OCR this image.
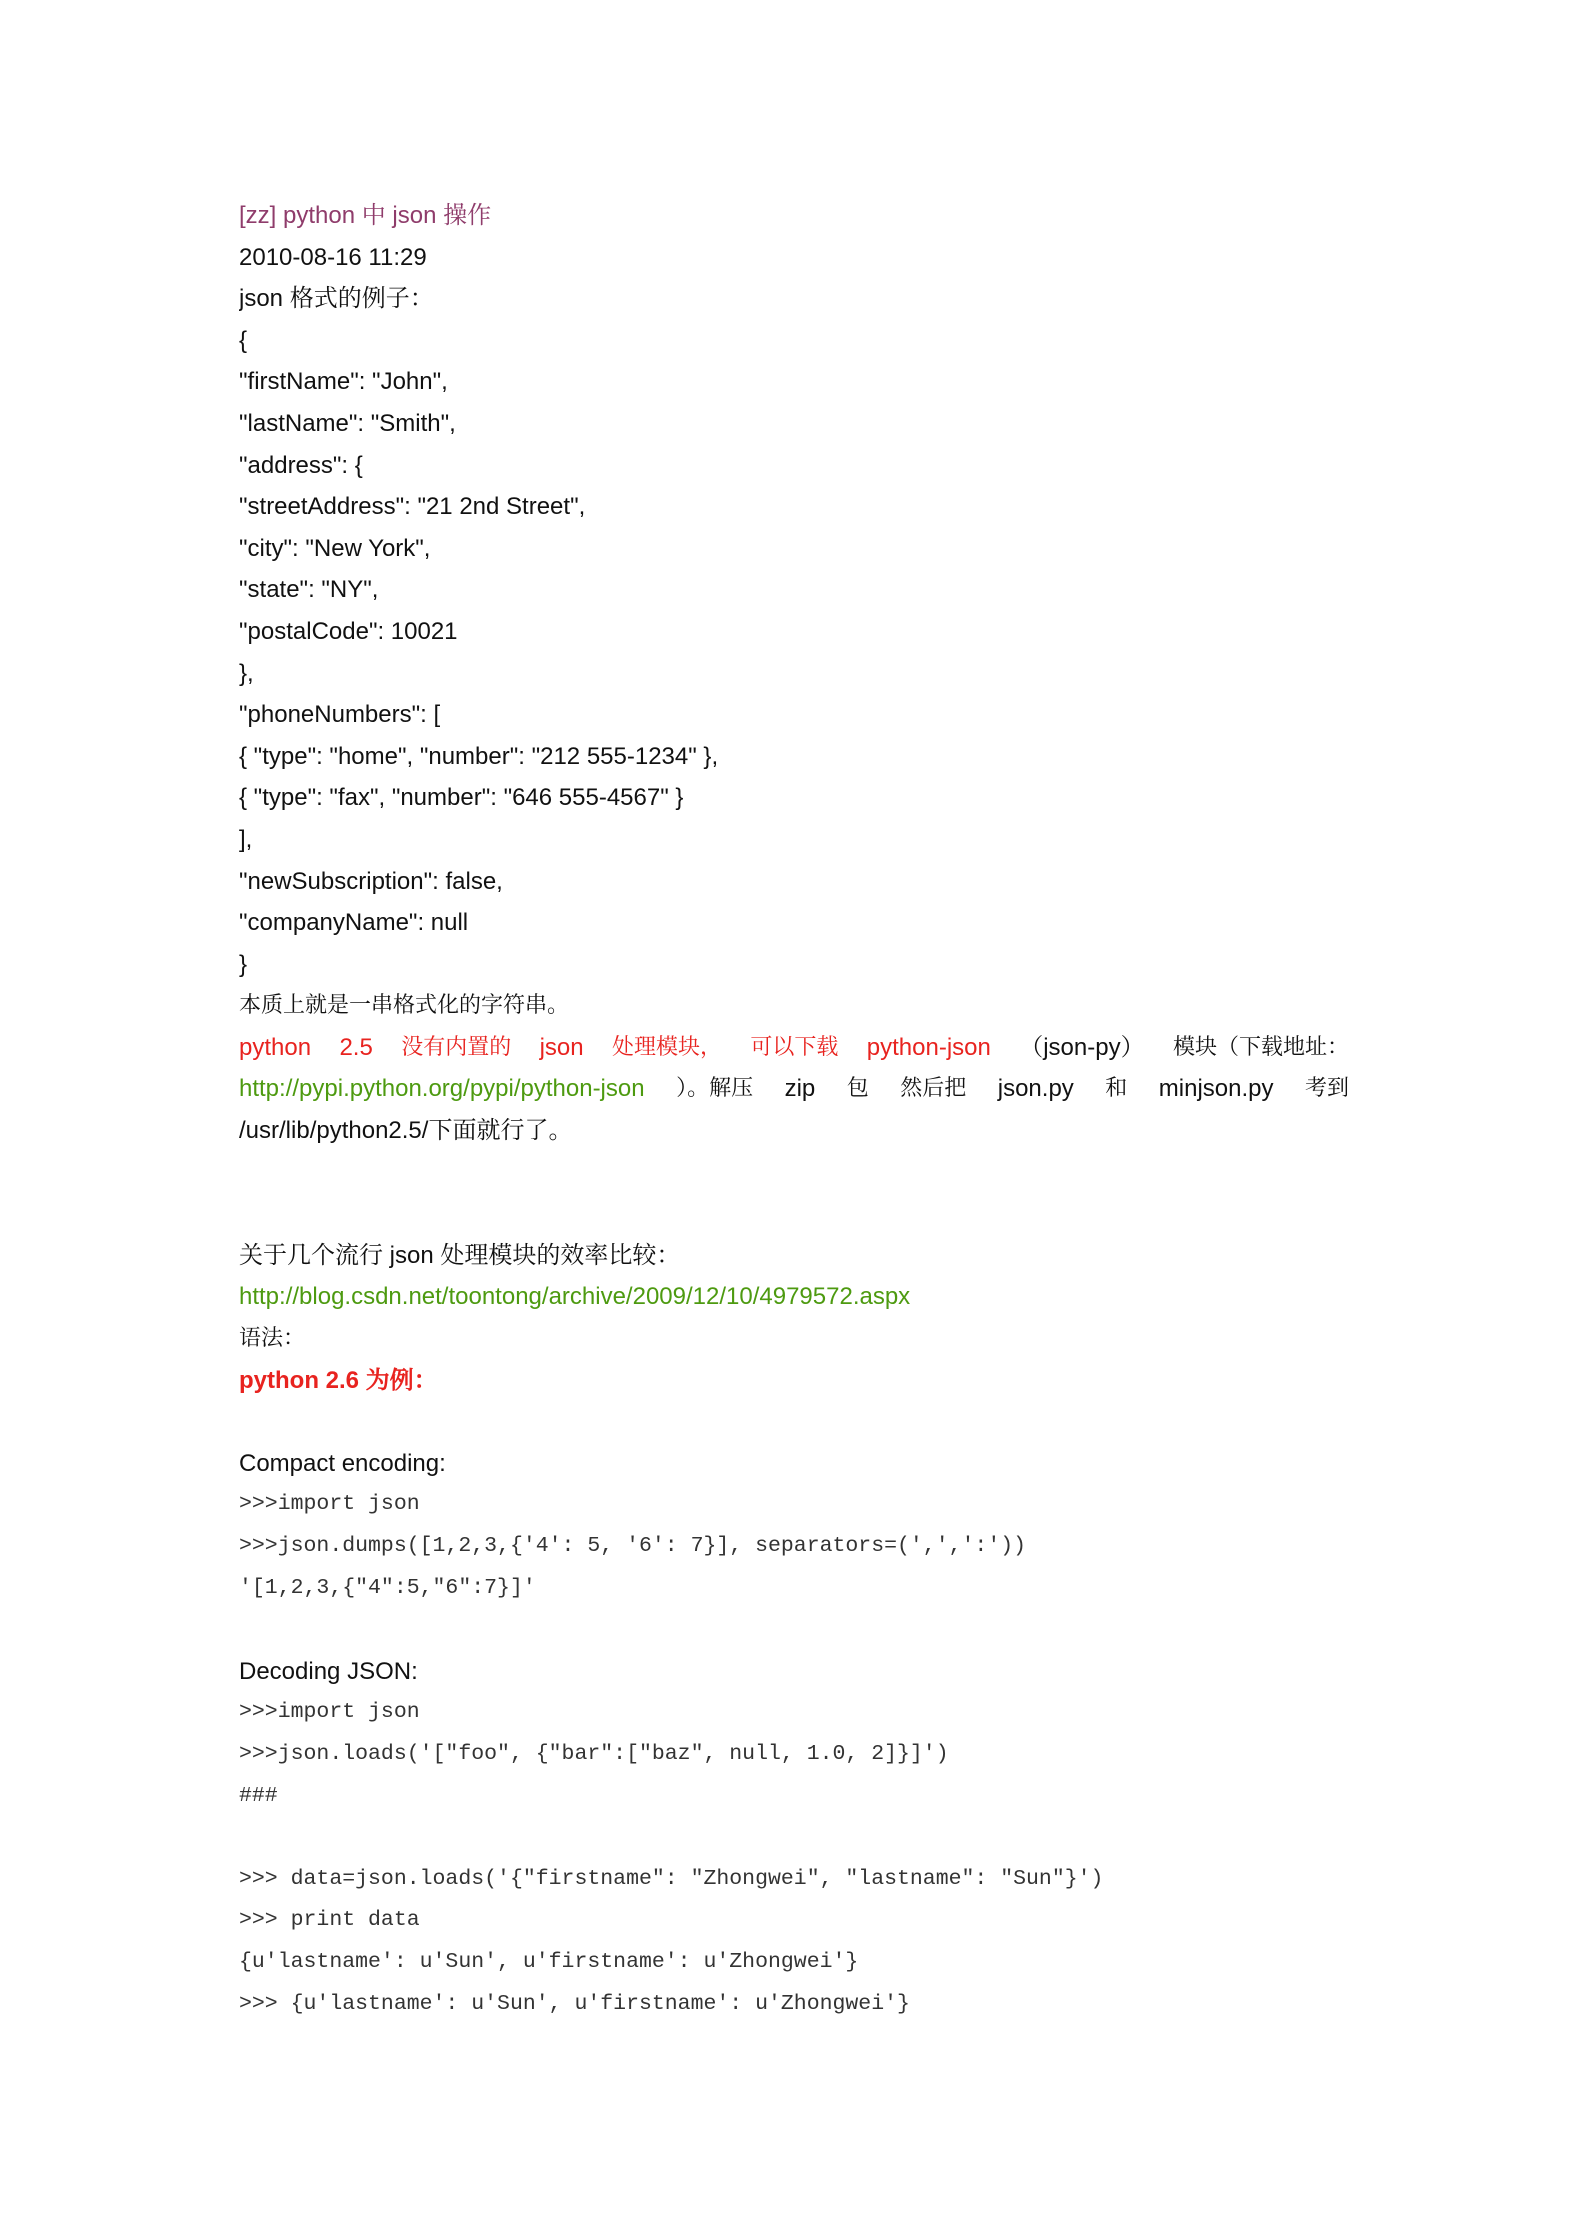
[zz] python 中 json 操作
2010-08-16 11:29
json 格式的例子：
{
"firstName": "John",
"lastName": "Smith",
"address": {
"streetAddress": "21 2nd Street",
"city": "New York",
"state": "NY",
"postalCode": 10021
},
"phoneNumbers": [
{ "type": "home", "number": "212 555-1234" },
{ "type": "fax", "number": "646 555-4567" }
],
"newSubscription": false,
"companyName": null
}
本质上就是一串格式化的字符串。
python 2.5 没有内置的 json 处理模块， 可以下载 python-json （json-py） 模块（下载地址：
http://pypi.python.org/pypi/python-json ）。解压 zip 包 然后把 json.py 和 minjson.py 考到
/usr/lib/python2.5/下面就行了。

关于几个流行 json 处理模块的效率比较：
http://blog.csdn.net/toontong/archive/2009/12/10/4979572.aspx
语法：
python 2.6 为例：

Compact encoding:
>>>import json
>>>json.dumps([1,2,3,{'4': 5, '6': 7}], separators=(',',':'))
'[1,2,3,{"4":5,"6":7}]'

Decoding JSON:
>>>import json
>>>json.loads('["foo", {"bar":["baz", null, 1.0, 2]}]')
###
>>> data=json.loads('{"firstname": "Zhongwei", "lastname": "Sun"}')
>>> print data
{u'lastname': u'Sun', u'firstname': u'Zhongwei'}
>>> {u'lastname': u'Sun', u'firstname': u'Zhongwei'}
